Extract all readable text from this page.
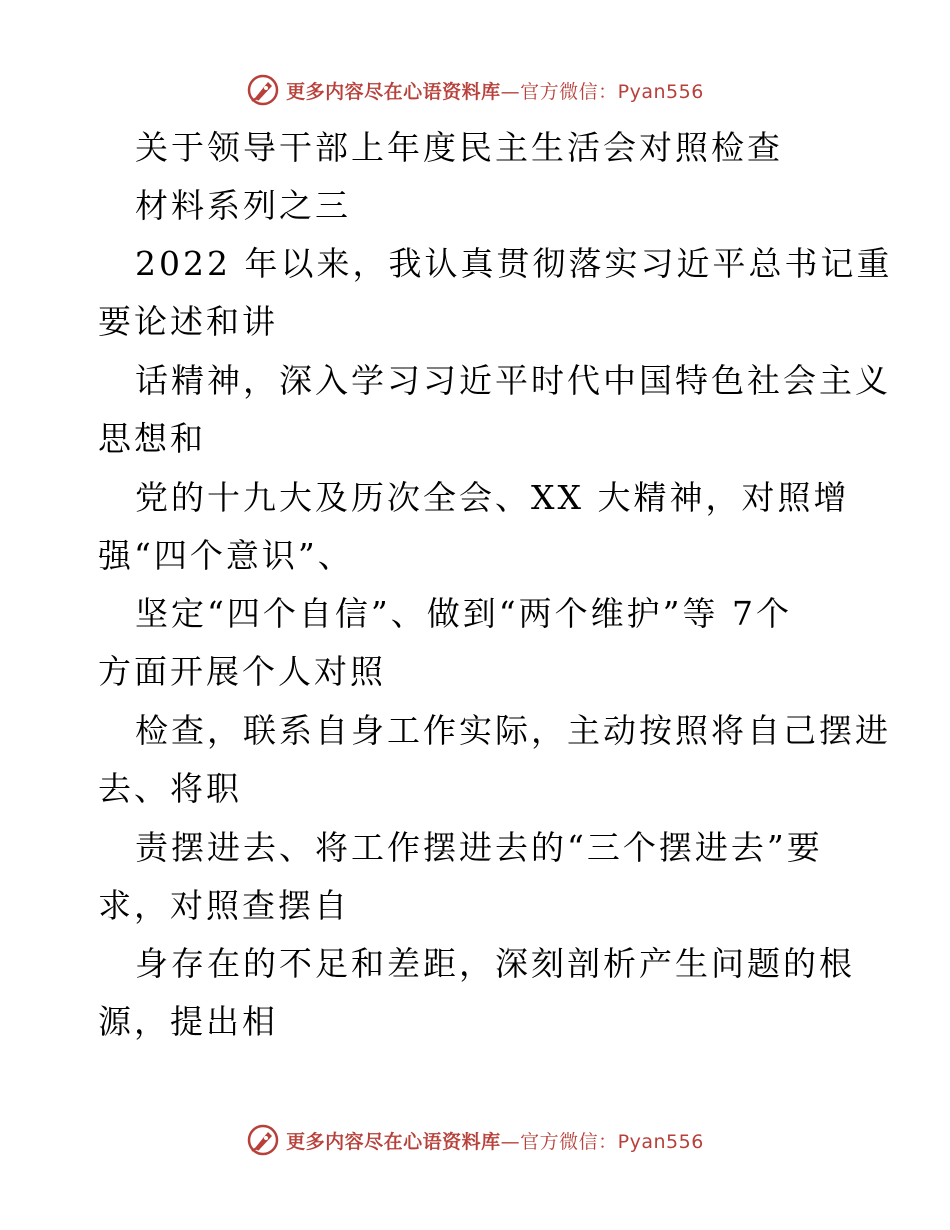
更多内容尽在心语资料库—官方微信：Pyan556
关于领导干部上年度民主生活会对照检查
材料系列之三
2022 年以来，我认真贯彻落实习近平总书记重
要论述和讲
话精神，深入学习习近平时代中国特色社会主义
思想和
党的十九大及历次全会、XX 大精神，对照增
强“四个意识”、
坚定“四个自信”、做到“两个维护”等 7个
方面开展个人对照
检查，联系自身工作实际，主动按照将自己摆进
去、将职
责摆进去、将工作摆进去的“三个摆进去”要
求，对照查摆自
身存在的不足和差距，深刻剖析产生问题的根
源，提出相
更多内容尽在心语资料库—官方微信：Pyan556
